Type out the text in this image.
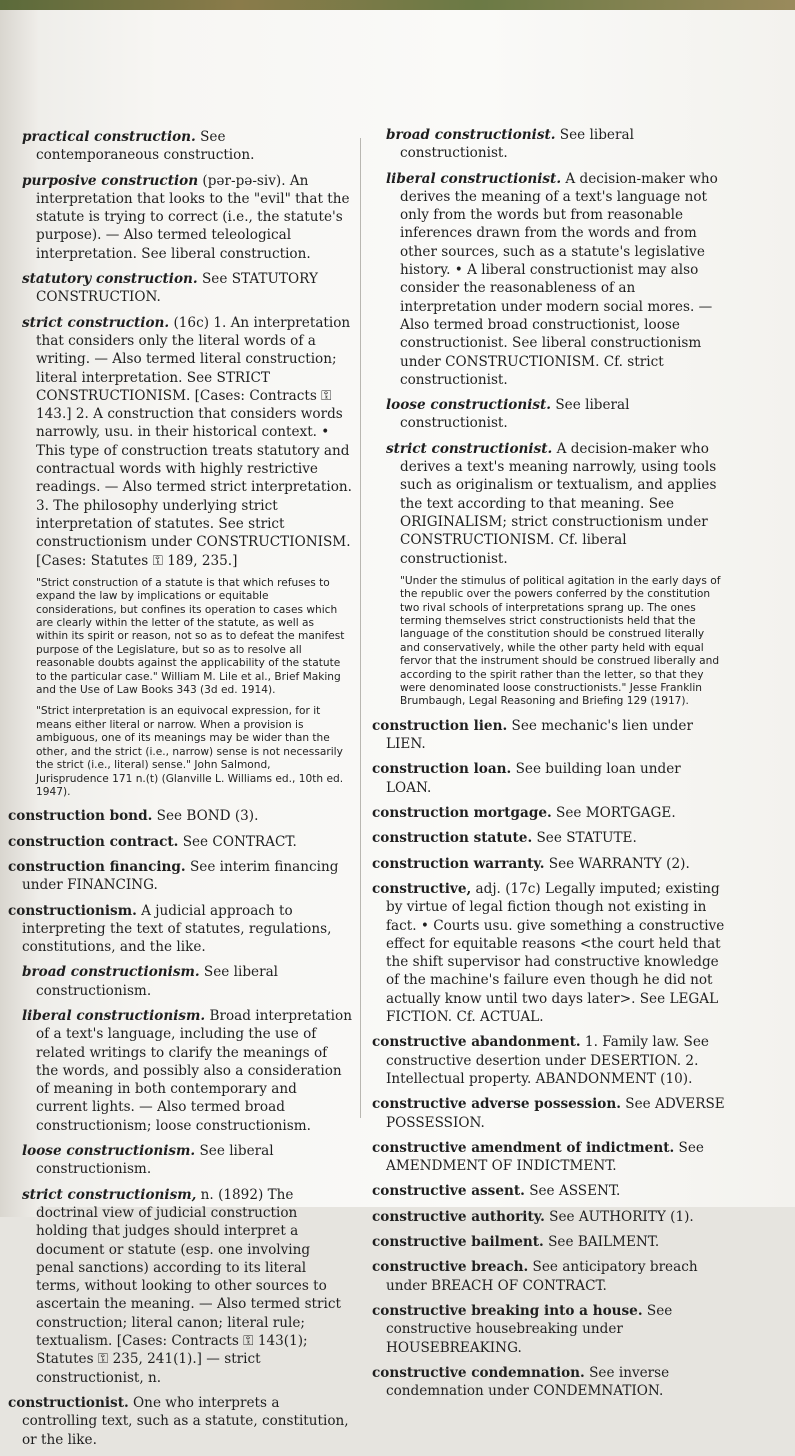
practical construction. See contemporaneous construction.
purposive construction (pər-pə-siv). An interpretation that looks to the "evil" that the statute is trying to correct (i.e., the statute's purpose). — Also termed teleological interpretation. See liberal construction.
statutory construction. See STATUTORY CONSTRUCTION.
strict construction. (16c) 1. An interpretation that considers only the literal words of a writing. — Also termed literal construction; literal interpretation. See STRICT CONSTRUCTIONISM. [Cases: Contracts ⚿ 143.] 2. A construction that considers words narrowly, usu. in their historical context. • This type of construction treats statutory and contractual words with highly restrictive readings. — Also termed strict interpretation. 3. The philosophy underlying strict interpretation of statutes. See strict constructionism under CONSTRUCTIONISM. [Cases: Statutes ⚿ 189, 235.]
"Strict construction of a statute is that which refuses to expand the law by implications or equitable considerations, but confines its operation to cases which are clearly within the letter of the statute, as well as within its spirit or reason, not so as to defeat the manifest purpose of the Legislature, but so as to resolve all reasonable doubts against the applicability of the statute to the particular case." William M. Lile et al., Brief Making and the Use of Law Books 343 (3d ed. 1914).
"Strict interpretation is an equivocal expression, for it means either literal or narrow. When a provision is ambiguous, one of its meanings may be wider than the other, and the strict (i.e., narrow) sense is not necessarily the strict (i.e., literal) sense." John Salmond, Jurisprudence 171 n.(t) (Glanville L. Williams ed., 10th ed. 1947).
construction bond. See BOND (3).
construction contract. See CONTRACT.
construction financing. See interim financing under FINANCING.
constructionism. A judicial approach to interpreting the text of statutes, regulations, constitutions, and the like.
broad constructionism. See liberal constructionism.
liberal constructionism. Broad interpretation of a text's language, including the use of related writings to clarify the meanings of the words, and possibly also a consideration of meaning in both contemporary and current lights. — Also termed broad constructionism; loose constructionism.
loose constructionism. See liberal constructionism.
strict constructionism, n. (1892) The doctrinal view of judicial construction holding that judges should interpret a document or statute (esp. one involving penal sanctions) according to its literal terms, without looking to other sources to ascertain the meaning. — Also termed strict construction; literal canon; literal rule; textualism. [Cases: Contracts ⚿ 143(1); Statutes ⚿ 235, 241(1).] — strict constructionist, n.
constructionist. One who interprets a controlling text, such as a statute, constitution, or the like.
broad constructionist. See liberal constructionist.
liberal constructionist. A decision-maker who derives the meaning of a text's language not only from the words but from reasonable inferences drawn from the words and from other sources, such as a statute's legislative history. • A liberal constructionist may also consider the reasonableness of an interpretation under modern social mores. — Also termed broad constructionist, loose constructionist. See liberal constructionism under CONSTRUCTIONISM. Cf. strict constructionist.
loose constructionist. See liberal constructionist.
strict constructionist. A decision-maker who derives a text's meaning narrowly, using tools such as originalism or textualism, and applies the text according to that meaning. See ORIGINALISM; strict constructionism under CONSTRUCTIONISM. Cf. liberal constructionist.
"Under the stimulus of political agitation in the early days of the republic over the powers conferred by the constitution two rival schools of interpretations sprang up. The ones terming themselves strict constructionists held that the language of the constitution should be construed literally and conservatively, while the other party held with equal fervor that the instrument should be construed liberally and according to the spirit rather than the letter, so that they were denominated loose constructionists." Jesse Franklin Brumbaugh, Legal Reasoning and Briefing 129 (1917).
construction lien. See mechanic's lien under LIEN.
construction loan. See building loan under LOAN.
construction mortgage. See MORTGAGE.
construction statute. See STATUTE.
construction warranty. See WARRANTY (2).
constructive, adj. (17c) Legally imputed; existing by virtue of legal fiction though not existing in fact. • Courts usu. give something a constructive effect for equitable reasons <the court held that the shift supervisor had constructive knowledge of the machine's failure even though he did not actually know until two days later>. See LEGAL FICTION. Cf. ACTUAL.
constructive abandonment. 1. Family law. See constructive desertion under DESERTION. 2. Intellectual property. ABANDONMENT (10).
constructive adverse possession. See ADVERSE POSSESSION.
constructive amendment of indictment. See AMENDMENT OF INDICTMENT.
constructive assent. See ASSENT.
constructive authority. See AUTHORITY (1).
constructive bailment. See BAILMENT.
constructive breach. See anticipatory breach under BREACH OF CONTRACT.
constructive breaking into a house. See constructive housebreaking under HOUSEBREAKING.
constructive condemnation. See inverse condemnation under CONDEMNATION.
